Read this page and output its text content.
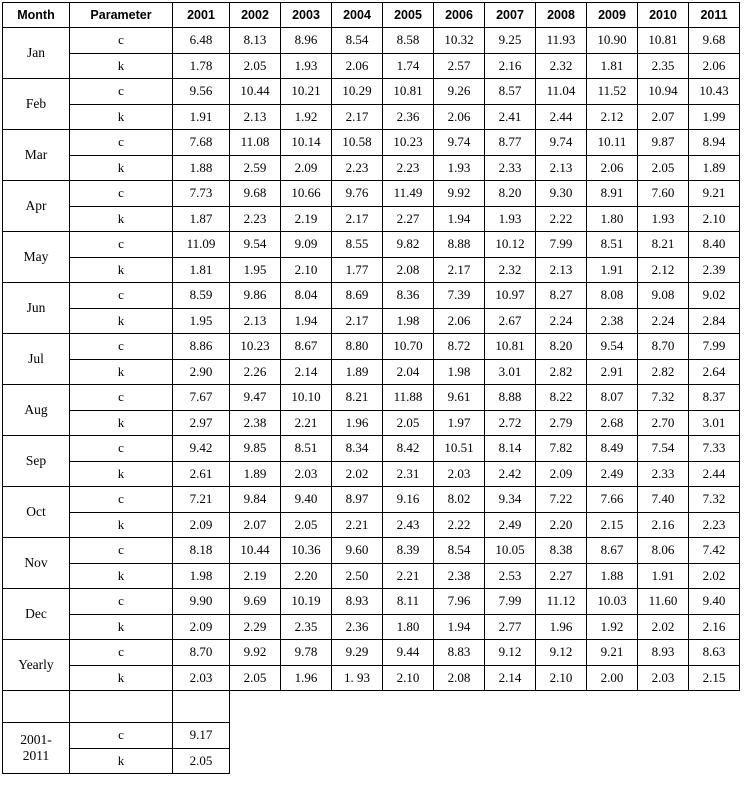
Month	Parameter	2001	2002	2003	2004	2005	2006	2007	2008	2009	2010	2011
Jan	c	6.48	8.13	8.96	8.54	8.58	10.32	9.25	11.93	10.90	10.81	9.68
	k	1.78	2.05	1.93	2.06	1.74	2.57	2.16	2.32	1.81	2.35	2.06
Feb	c	9.56	10.44	10.21	10.29	10.81	9.26	8.57	11.04	11.52	10.94	10.43
	k	1.91	2.13	1.92	2.17	2.36	2.06	2.41	2.44	2.12	2.07	1.99
Mar	c	7.68	11.08	10.14	10.58	10.23	9.74	8.77	9.74	10.11	9.87	8.94
	k	1.88	2.59	2.09	2.23	2.23	1.93	2.33	2.13	2.06	2.05	1.89
Apr	c	7.73	9.68	10.66	9.76	11.49	9.92	8.20	9.30	8.91	7.60	9.21
	k	1.87	2.23	2.19	2.17	2.27	1.94	1.93	2.22	1.80	1.93	2.10
May	c	11.09	9.54	9.09	8.55	9.82	8.88	10.12	7.99	8.51	8.21	8.40
	k	1.81	1.95	2.10	1.77	2.08	2.17	2.32	2.13	1.91	2.12	2.39
Jun	c	8.59	9.86	8.04	8.69	8.36	7.39	10.97	8.27	8.08	9.08	9.02
	k	1.95	2.13	1.94	2.17	1.98	2.06	2.67	2.24	2.38	2.24	2.84
Jul	c	8.86	10.23	8.67	8.80	10.70	8.72	10.81	8.20	9.54	8.70	7.99
	k	2.90	2.26	2.14	1.89	2.04	1.98	3.01	2.82	2.91	2.82	2.64
Aug	c	7.67	9.47	10.10	8.21	11.88	9.61	8.88	8.22	8.07	7.32	8.37
	k	2.97	2.38	2.21	1.96	2.05	1.97	2.72	2.79	2.68	2.70	3.01
Sep	c	9.42	9.85	8.51	8.34	8.42	10.51	8.14	7.82	8.49	7.54	7.33
	k	2.61	1.89	2.03	2.02	2.31	2.03	2.42	2.09	2.49	2.33	2.44
Oct	c	7.21	9.84	9.40	8.97	9.16	8.02	9.34	7.22	7.66	7.40	7.32
	k	2.09	2.07	2.05	2.21	2.43	2.22	2.49	2.20	2.15	2.16	2.23
Nov	c	8.18	10.44	10.36	9.60	8.39	8.54	10.05	8.38	8.67	8.06	7.42
	k	1.98	2.19	2.20	2.50	2.21	2.38	2.53	2.27	1.88	1.91	2.02
Dec	c	9.90	9.69	10.19	8.93	8.11	7.96	7.99	11.12	10.03	11.60	9.40
	k	2.09	2.29	2.35	2.36	1.80	1.94	2.77	1.96	1.92	2.02	2.16
Yearly	c	8.70	9.92	9.78	9.29	9.44	8.83	9.12	9.12	9.21	8.93	8.63
	k	2.03	2.05	1.96	1. 93	2.10	2.08	2.14	2.10	2.00	2.03	2.15

2001-
2011	c	9.17										
	k	2.05										
